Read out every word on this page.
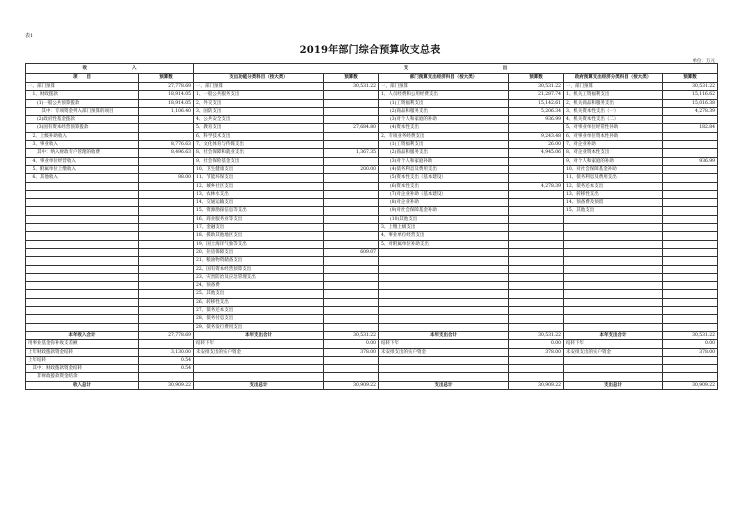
表1
2019年部门综合预算收支总表
单位：万元
收　　　　　　　　　　入		支　　　　　　　　　　　　　　　　　　　　　出					
项　　目	预算数	支出功能分类科目（按大类）	预算数	部门预算支出经济科目（按大类）	预算数	政府预算支出经济分类科目（按大类）	预算数
一、部门预算	27,778.69	一、部门预算	30,531.22	一、部门预算	30,531.22	一、部门预算	30,531.22
　1、财政拨款	18,914.05	1、一般公共服务支出		1、人员经费和公用经费支出	21,287.74	1、机关工资福利支出	15,116.62
　　(1)一般公共预算拨款	18,914.05	2、外交支出		　　(1)工资福利支出	15,142.61	2、机关商品和服务支出	15,016.38
　　　其中：专项资金列入部门预算的项目	1,106.40	3、国防支出		　　(2)商品和服务支出	5,206.34	3、机关资本性支出（一）	4,278.39
　　(2)政府性基金拨款		4、公共安全支出		　　(3)对个人和家庭的补助	936.99	4、机关资本性支出（二）	
　　(3)国有资本经营预算拨款		5、教育支出	27,684.80	　　(4)资本性支出		5、对事业单位经常性补助	182.84
　2、上级补助收入		6、科学技术支出		2、专项业务经费支出	9,243.48	6、对事业单位资本性补助	
　3、事业收入	8,776.63	7、文化体育与传媒支出		　　(1)工资福利支出	26.00	7、对企业补助	
　　其中：纳入财政专户管理的收费	8,496.63	8、社会保障和就业支出	1,367.35	　　(2)商品和服务支出	4,945.06	8、对企业资本性支出	
　4、事业单位经营收入		9、社会保险基金支出		　　(3)对个人和家庭补助		9、对个人和家庭的补助	936.99
　5、附属单位上缴收入		10、卫生健康支出	200.00	　　(4)债务利息及费用支出		10、对社会保障基金补助	
　6、其他收入	88.00	11、节能环保支出		　　(5)资本性支出（基本建设）		11、债务利息及费用支出	
		12、城乡社区支出		　　(6)资本性支出	4,278.39	12、债务还本支出	
		13、农林水支出		　　(7)对企业补助（基本建设）		13、转移性支出	
		14、交通运输支出		　　(8)对企业补助		14、预备费及预留	
		15、资源勘探信息等支出		　　(9)对社会保障基金补助		15、其他支出	
		16、商业服务业等支出		　　(10)其他支出			
		17、金融支出		3、上缴上级支出			
		18、援助其他地区支出		4、事业单位经营支出			
		19、国土海洋气象等支出		5、对附属单位补助支出			
		20、住房保障支出	609.07				
		21、粮油物资储备支出					
		22、国有资本经营预算支出					
		23、灾害防治及应急管理支出					
		24、预备费					
		25、其他支出					
		26、转移性支出					
		27、债务还本支出					
		28、债务付息支出					
		29、债务发行费用支出					
本年收入合计	27,778.69	本年支出合计	30,531.22	本年支出合计	30,531.22	本年支出合计	30,531.22
用事业基金弥补收支差额		结转下年	0.00	结转下年	0.00	结转下年	0.00
上年财政拨款资金结转	3,130.00	未安排支出的实户资金	378.00	未安排支出的实户资金	378.00	未安排支出的实户资金	378.00
上年结转	0.54						
　其中：财政拨款资金结转	0.54						
　　非财政拨款资金结余							
收入总计	30,909.22	支出总计	30,909.22	支出总计	30,909.22	支出总计	30,909.22
